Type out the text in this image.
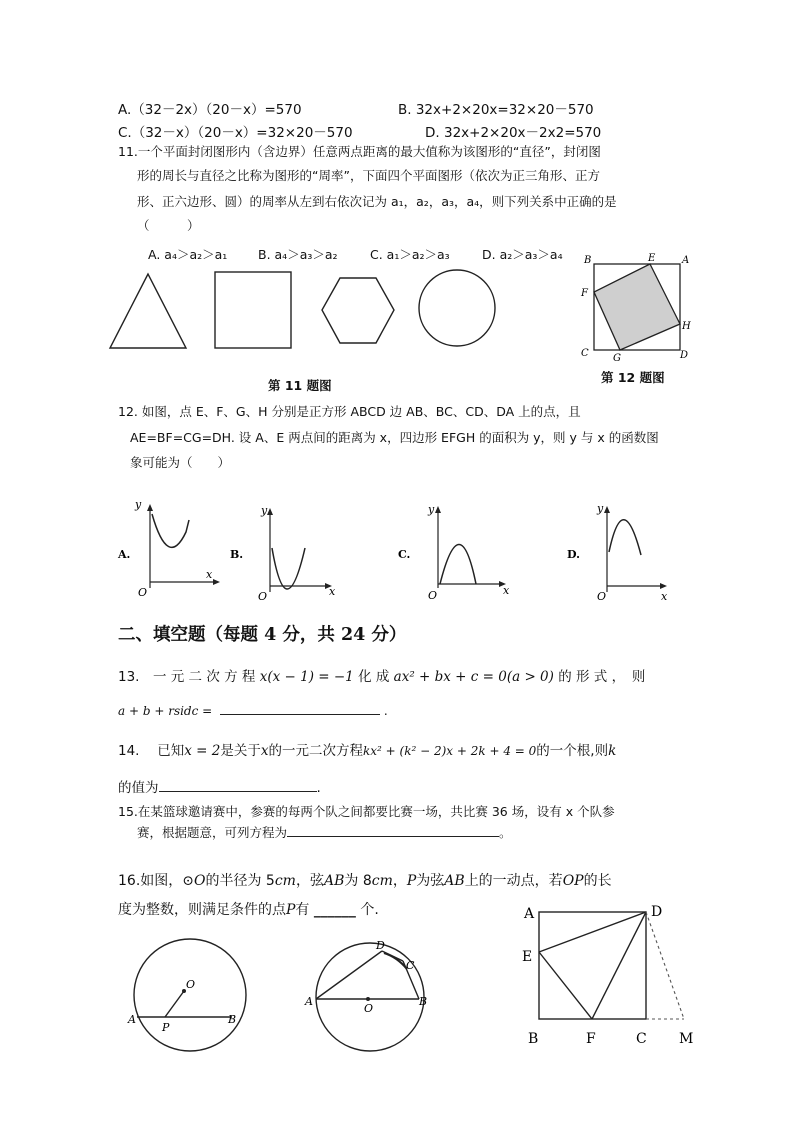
A.（32－2x）（20－x）=570	B. 32x+2×20x=32×20－570
C.（32－x）（20－x）=32×20－570	D. 32x+2×20x－2x2=570
11.一个平面封闭图形内（含边界）任意两点距离的最大值称为该图形的“直径”，封闭图
形的周长与直径之比称为图形的“周率”，下面四个平面图形（依次为正三角形、正方
形、正六边形、圆）的周率从左到右依次记为 a₁，a₂，a₃，a₄，则下列关系中正确的是
（　　　）
A. a₄＞a₂＞a₁ B. a₄＞a₃＞a₂	C. a₁＞a₂＞a₃	D. a₂＞a₃＞a₄
第 11 题图
B	E	A
F
H
C G	D
第 12 题图
12. 如图，点 E、F、G、H 分别是正方形 ABCD 边 AB、BC、CD、DA 上的点，且
AE=BF=CG=DH. 设 A、E 两点间的距离为 x，四边形 EFGH 的面积为 y，则 y 与 x 的函数图
象可能为（　　）
A.
y
x
O
B.
y
x
O
C.
y
x
O
D.
y
x
O
二、填空题（每题 4 分，共 24 分）
13.　一 元 二 次 方 程 x(x − 1) = −1 化 成 ax² + bx + c = 0(a > 0) 的 形 式 ，　则
a + b + rsidc =	.
14.　 已知x = 2是关于x的一元二次方程kx² + (k² − 2)x + 2k + 4 = 0的一个根,则k
的值为	.
15.在某篮球邀请赛中，参赛的每两个队之间都要比赛一场，共比赛 36 场，设有 x 个队参
赛，根据题意，可列方程为	。
16.如图，⊙O的半径为 5cm，弦AB为 8cm，P为弦AB上的一动点，若OP的长
度为整数，则满足条件的点P有 ______ 个.
O
A
P
B
D
C
A
O
B
A	D
E
B	F	C M
